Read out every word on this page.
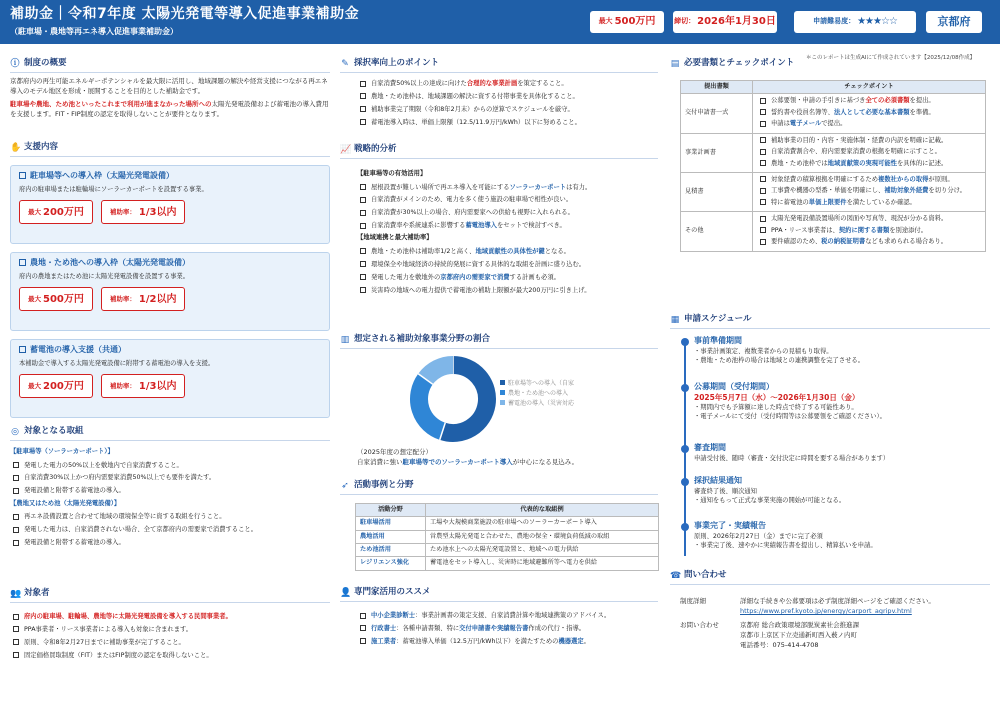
補助金｜令和7年度 太陽光発電等導入促進事業補助金
（駐車場・農地等再エネ導入促進事業補助金）
最大 500万円	締切： 2026年1月30日	申請難易度： ★★★☆☆	京都府
＊このレポートは生成AIにて作成されています【2025/12/08作成】
ⓘ 制度の概要
京都府内の再生可能エネルギーポテンシャルを最大限に活用し、地域課題の解決や経営支援につながる再エネ導入のモデル地区を形成・展開することを目的とした補助金です。
駐車場や農地、ため池といったこれまで利用が進まなかった場所への太陽光発電設備および蓄電池の導入費用を支援します。FIT・FIP制度の認定を取得しないことが要件となります。
✋ 支援内容
駐車場等への導入枠（太陽光発電設備）
府内の駐車場または駐輪場にソーラーカーポートを設置する事業。
最大 200万円	補助率： 1/3以内
農地・ため池への導入枠（太陽光発電設備）
府内の農地またはため池に太陽光発電設備を設置する事業。
最大 500万円	補助率： 1/2以内
蓄電池の導入支援（共通）
本補助金で導入する太陽光発電設備に附帯する蓄電池の導入を支援。
最大 200万円	補助率： 1/3以内
◎ 対象となる取組
【駐車場等（ソーラーカーポート）】
発電した電力の50%以上を敷地内で自家消費すること。
自家消費30%以上かつ府内需要家消費50%以上でも要件を満たす。
発電設備と附帯する蓄電池の導入。
【農地又はため池（太陽光発電設備）】
再エネ設備設置と合わせて地域の環境保全等に資する取組を行うこと。
発電した電力は、自家消費されない場合、全て京都府内の需要家で消費すること。
発電設備と附帯する蓄電池の導入。
👥 対象者
府内の駐車場、駐輪場、農地等に太陽光発電設備を導入する民間事業者。
PPA事業者・リース事業者による導入も対象に含まれます。
原則、令和8年2月27日までに補助事業が完了すること。
固定価格買取制度（FIT）またはFIP制度の認定を取得しないこと。
✎ 採択率向上のポイント
自家消費50%以上の達成に向けた合理的な事業計画を策定すること。
農地・ため池枠は、地域課題の解決に資する付帯事業を具体化すること。
補助事業完了期限（令和8年2月末）からの逆算でスケジュールを厳守。
蓄電池導入時は、単価上限額（12.5/11.9万円/kWh）以下に努めること。
📈 戦略的分析
【駐車場等の有効活用】
屋根設置が難しい場所で再エネ導入を可能にするソーラーカーポートは有力。
自家消費がメインのため、電力を多く使う施設の駐車場で相性が良い。
自家消費が30%以上の場合、府内需要家への供給も視野に入れられる。
自家消費率や系統連系に影響する蓄電池導入をセットで検討すべき。
【地域連携と最大補助率】
農地・ため池枠は補助率1/2と高く、地域貢献性の具体性が鍵となる。
環境保全や地域経済の持続的発展に資する具体的な取組を計画に盛り込む。
発電した電力を敷地外の京都府内の需要家で消費する計画も必須。
災害時の地域への電力提供で蓄電池の補助上限額が最大200万円に引き上げ。
▥ 想定される補助対象事業分野の割合
駐車場等への導入（自家
農地・ため池への導入
蓄電池の導入（災害対応
（2025年度の想定配分）
自家消費に強い駐車場等でのソーラーカーポート導入が中心になる見込み。
➶ 活動事例と分野
活動分野	代表的な取組例
駐車場活用	工場や大規模商業施設の駐車場へのソーラーカーポート導入
農地活用	営農型太陽光発電と合わせた、農地の保全・環境負荷低減の取組
ため池活用	ため池水上への太陽光発電設置と、地域への電力供給
レジリエンス強化	蓄電池をセット導入し、災害時に地域避難所等へ電力を供給
👤 専門家活用のススメ
中小企業診断士：事業計画書の策定支援、自家消費計算や地域連携策のアドバイス。
行政書士：各種申請書類、特に交付申請書や実績報告書作成の代行・指導。
施工業者：蓄電池導入単価（12.5万円/kWh以下）を満たすための機器選定。
▤ 必要書類とチェックポイント
提出書類	チェックポイント
交付申請書一式	公募要領・申請の手引きに基づき全ての必須書類を提出。
誓約書や役員名簿等、法人として必要な基本書類を準備。
申請は電子メールで提出。

事業計画書	補助事業の目的・内容・実施体制・経費の内訳を明確に記載。
自家消費割合や、府内需要家消費の根拠を明確に示すこと。
農地・ため池枠では地域貢献策の実現可能性を具体的に記述。

見積書	対象経費の積算根拠を明確にするため複数社からの取得が原則。
工事費や機器の型番・単価を明確にし、補助対象外経費を切り分け。
特に蓄電池の単価上限要件を満たしているか確認。

その他	太陽光発電設備設置場所の図面や写真等、現況が分かる資料。
PPA・リース事業者は、契約に関する書類を別途添付。
要件確認のため、税の納税証明書なども求められる場合あり。
▦ 申請スケジュール
事前準備期間
・事業計画策定、複数業者からの見積もり取得。
・農地・ため池枠の場合は地域との連携調整を完了させる。
公募期間（受付期間）
2025年5月7日（水）〜2026年1月30日（金）
・期間内でも予算額に達した時点で終了する可能性あり。
・電子メールにて受付（受付時間等は公募要領をご確認ください）。
審査期間
申請受付後、随時（審査・交付決定に時間を要する場合があります）
採択結果通知
審査終了後、順次通知
・通知をもって正式な事業実施の開始が可能となる。
事業完了・実績報告
原則、2026年2月27日（金）までに完了必須
・事業完了後、速やかに実績報告書を提出し、精算払いを申請。
☎ 問い合わせ
制度詳細	詳細な手続きや公募要項は必ず制度詳細ページをご確認ください。
https://www.pref.kyoto.jp/energy/carport_agripv.html
お問い合わせ	京都府 総合政策環境部脱炭素社会推進課
京都市上京区下立売通新町西入薮ノ内町
電話番号：075-414-4708
